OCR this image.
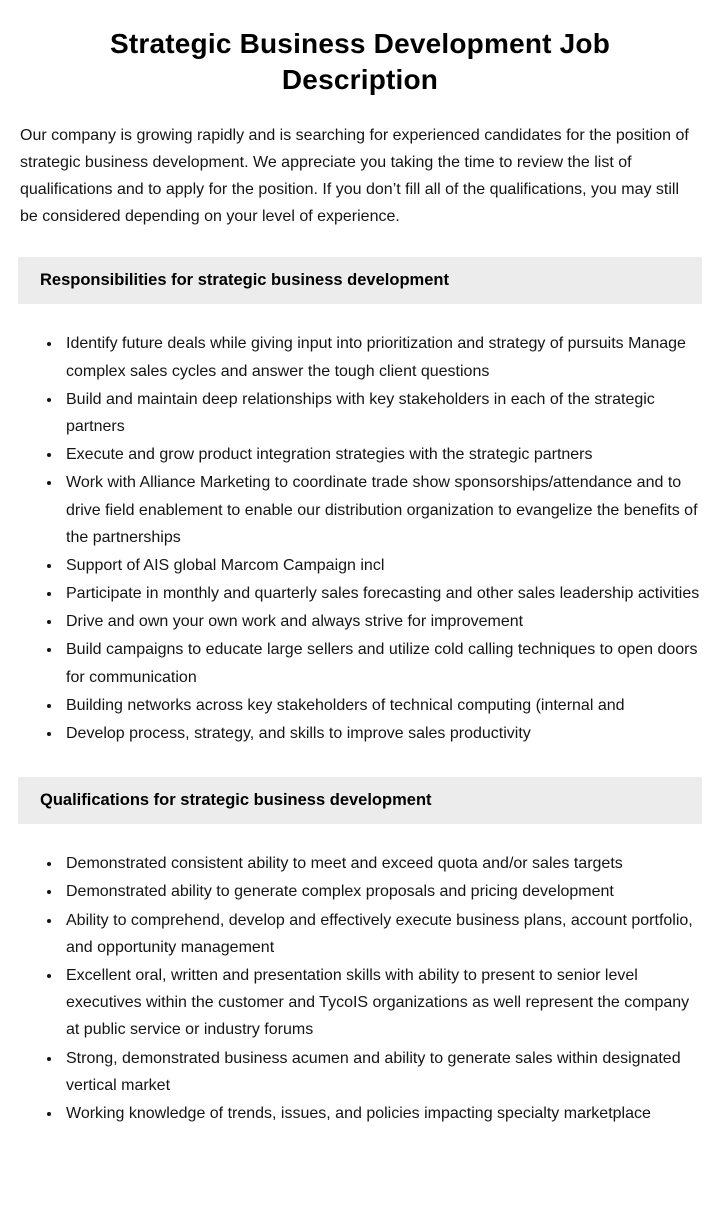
Strategic Business Development Job Description

Our company is growing rapidly and is searching for experienced candidates for the position of strategic business development. We appreciate you taking the time to review the list of qualifications and to apply for the position. If you don’t fill all of the qualifications, you may still be considered depending on your level of experience.

Responsibilities for strategic business development
• Identify future deals while giving input into prioritization and strategy of pursuits Manage complex sales cycles and answer the tough client questions
• Build and maintain deep relationships with key stakeholders in each of the strategic partners
• Execute and grow product integration strategies with the strategic partners
• Work with Alliance Marketing to coordinate trade show sponsorships/attendance and to drive field enablement to enable our distribution organization to evangelize the benefits of the partnerships
• Support of AIS global Marcom Campaign incl
• Participate in monthly and quarterly sales forecasting and other sales leadership activities
• Drive and own your own work and always strive for improvement
• Build campaigns to educate large sellers and utilize cold calling techniques to open doors for communication
• Building networks across key stakeholders of technical computing (internal and
• Develop process, strategy, and skills to improve sales productivity
Qualifications for strategic business development
• Demonstrated consistent ability to meet and exceed quota and/or sales targets
• Demonstrated ability to generate complex proposals and pricing development
• Ability to comprehend, develop and effectively execute business plans, account portfolio, and opportunity management
• Excellent oral, written and presentation skills with ability to present to senior level executives within the customer and TycoIS organizations as well represent the company at public service or industry forums
• Strong, demonstrated business acumen and ability to generate sales within designated vertical market
• Working knowledge of trends, issues, and policies impacting specialty marketplace
